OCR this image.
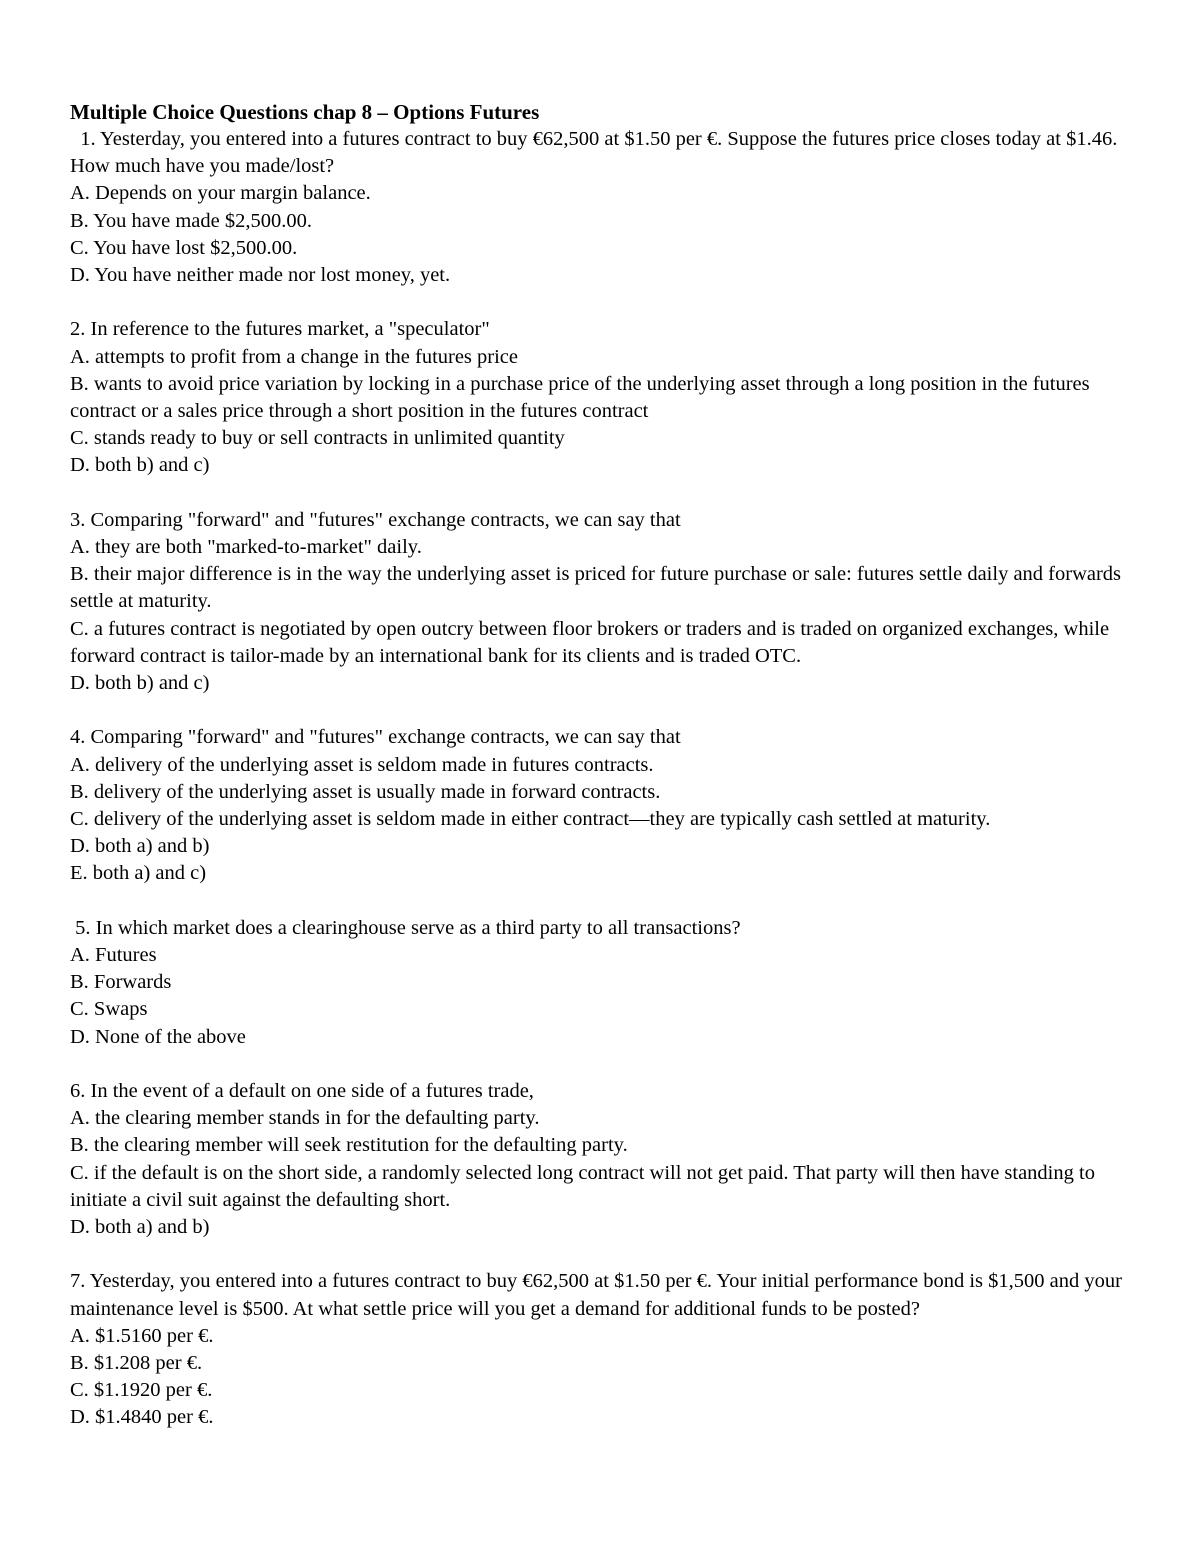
Multiple Choice Questions chap 8 – Options Futures
1. Yesterday, you entered into a futures contract to buy €62,500 at $1.50 per €. Suppose the futures price closes today at $1.46. How much have you made/lost?
A. Depends on your margin balance.
B. You have made $2,500.00.
C. You have lost $2,500.00.
D. You have neither made nor lost money, yet.
2. In reference to the futures market, a "speculator"
A. attempts to profit from a change in the futures price
B. wants to avoid price variation by locking in a purchase price of the underlying asset through a long position in the futures contract or a sales price through a short position in the futures contract
C. stands ready to buy or sell contracts in unlimited quantity
D. both b) and c)
3. Comparing "forward" and "futures" exchange contracts, we can say that
A. they are both "marked-to-market" daily.
B. their major difference is in the way the underlying asset is priced for future purchase or sale: futures settle daily and forwards settle at maturity.
C. a futures contract is negotiated by open outcry between floor brokers or traders and is traded on organized exchanges, while forward contract is tailor-made by an international bank for its clients and is traded OTC.
D. both b) and c)
4. Comparing "forward" and "futures" exchange contracts, we can say that
A. delivery of the underlying asset is seldom made in futures contracts.
B. delivery of the underlying asset is usually made in forward contracts.
C. delivery of the underlying asset is seldom made in either contract—they are typically cash settled at maturity.
D. both a) and b)
E. both a) and c)
5. In which market does a clearinghouse serve as a third party to all transactions?
A. Futures
B. Forwards
C. Swaps
D. None of the above
6. In the event of a default on one side of a futures trade,
A. the clearing member stands in for the defaulting party.
B. the clearing member will seek restitution for the defaulting party.
C. if the default is on the short side, a randomly selected long contract will not get paid. That party will then have standing to initiate a civil suit against the defaulting short.
D. both a) and b)
7. Yesterday, you entered into a futures contract to buy €62,500 at $1.50 per €. Your initial performance bond is $1,500 and your maintenance level is $500. At what settle price will you get a demand for additional funds to be posted?
A. $1.5160 per €.
B. $1.208 per €.
C. $1.1920 per €.
D. $1.4840 per €.
